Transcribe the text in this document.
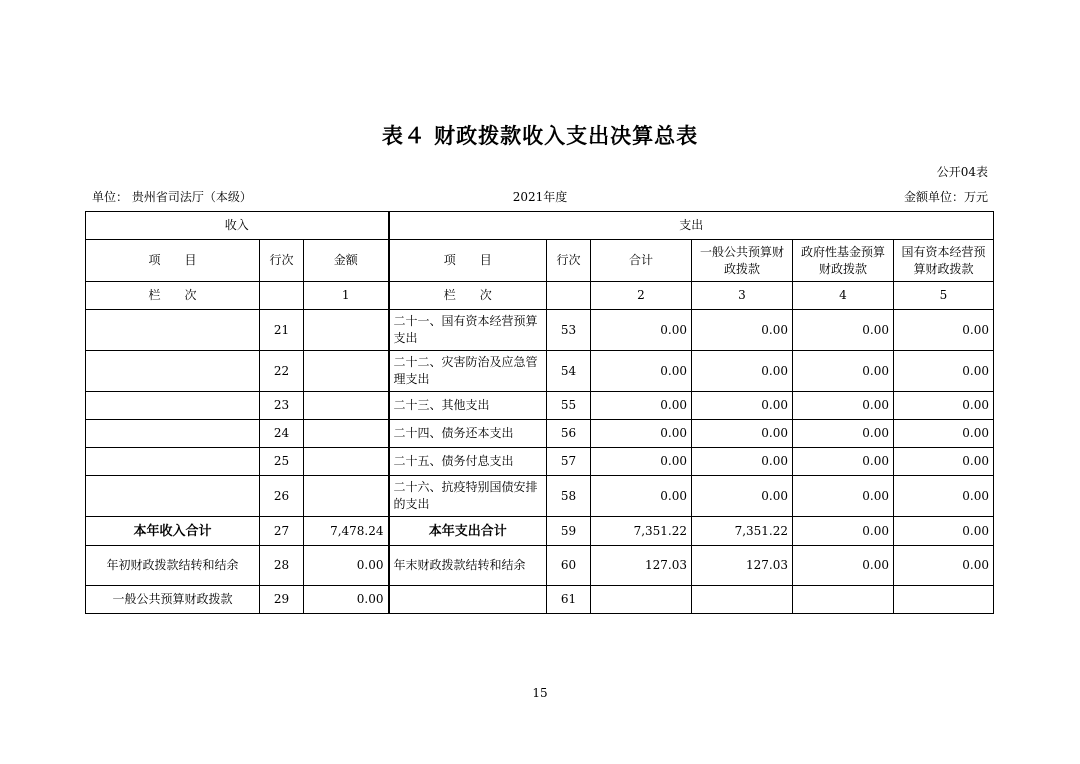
表４ 财政拨款收入支出决算总表
公开04表
单位： 贵州省司法厅（本级）	2021年度	金额单位：万元
收入			支出					
项　　目	行次	金额	项　　目	行次	合计	一般公共预算财政拨款	政府性基金预算财政拨款	国有资本经营预算财政拨款
栏　　次		1	栏　　次		2	3	4	5
	21		二十一、国有资本经营预算支出	53	0.00	0.00	0.00	0.00
	22		二十二、灾害防治及应急管理支出	54	0.00	0.00	0.00	0.00
	23		二十三、其他支出	55	0.00	0.00	0.00	0.00
	24		二十四、债务还本支出	56	0.00	0.00	0.00	0.00
	25		二十五、债务付息支出	57	0.00	0.00	0.00	0.00
	26		二十六、抗疫特别国债安排的支出	58	0.00	0.00	0.00	0.00
本年收入合计	27	7,478.24	本年支出合计	59	7,351.22	7,351.22	0.00	0.00
年初财政拨款结转和结余	28	0.00	年末财政拨款结转和结余	60	127.03	127.03	0.00	0.00
一般公共预算财政拨款	29	0.00		61				
15
